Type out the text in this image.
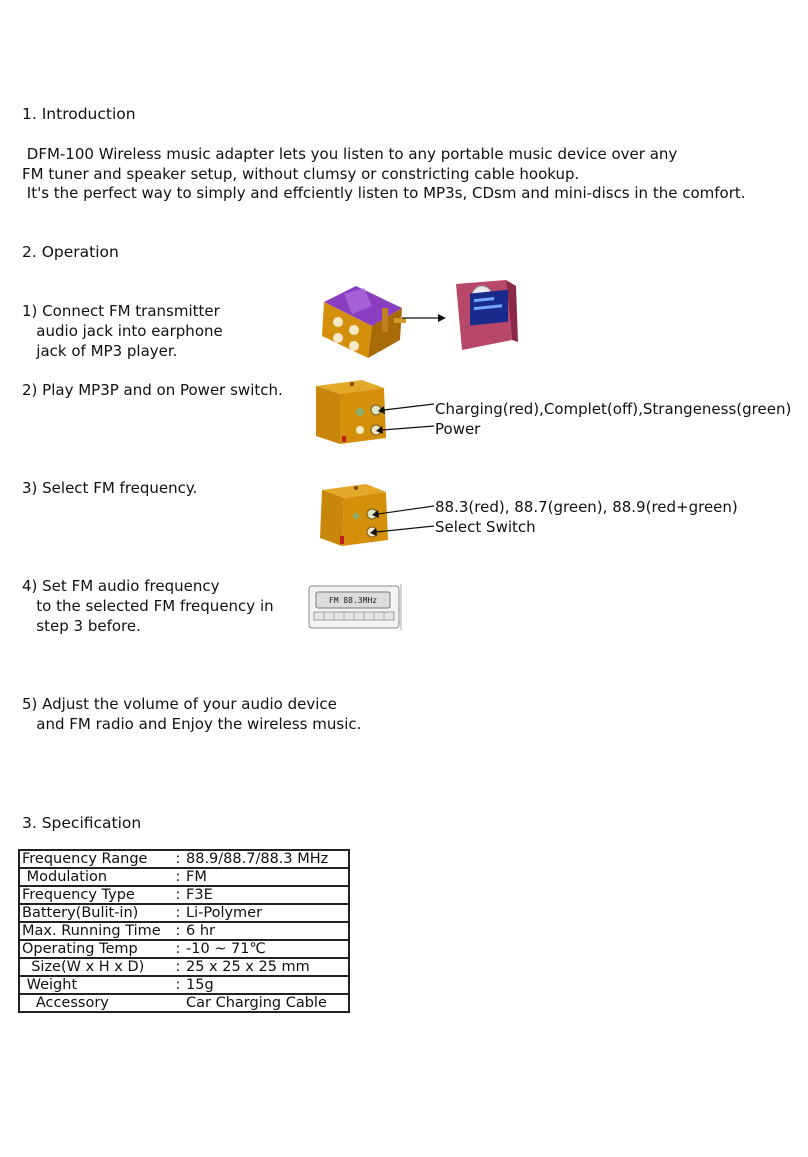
1. Introduction
DFM-100 Wireless music adapter lets you listen to any portable music device over any
FM tuner and speaker setup, without clumsy or constricting cable hookup.
It's the perfect way to simply and effciently listen to MP3s, CDsm and mini-discs in the comfort.
2. Operation
1) Connect FM transmitter
audio jack into earphone
jack of MP3 player.
2) Play MP3P and on Power switch.
Charging(red),Complet(off),Strangeness(green)
Power
3) Select FM frequency.
88.3(red), 88.7(green), 88.9(red+green)
Select Switch
4) Set FM audio frequency
to the selected FM frequency in
step 3 before.
FM 88.3MHz
5) Adjust the volume of your audio device
and FM radio and Enjoy the wireless music.
3. Specification
Frequency Range	:	88.9/88.7/88.3 MHz
Modulation	:	FM
Frequency Type	:	F3E
Battery(Bulit-in)	:	Li-Polymer
Max. Running Time	:	6 hr
Operating Temp	:	-10 ~ 71℃
Size(W x H x D)	:	25 x 25 x 25 mm
Weight	:	15g
Accessory		Car Charging Cable
